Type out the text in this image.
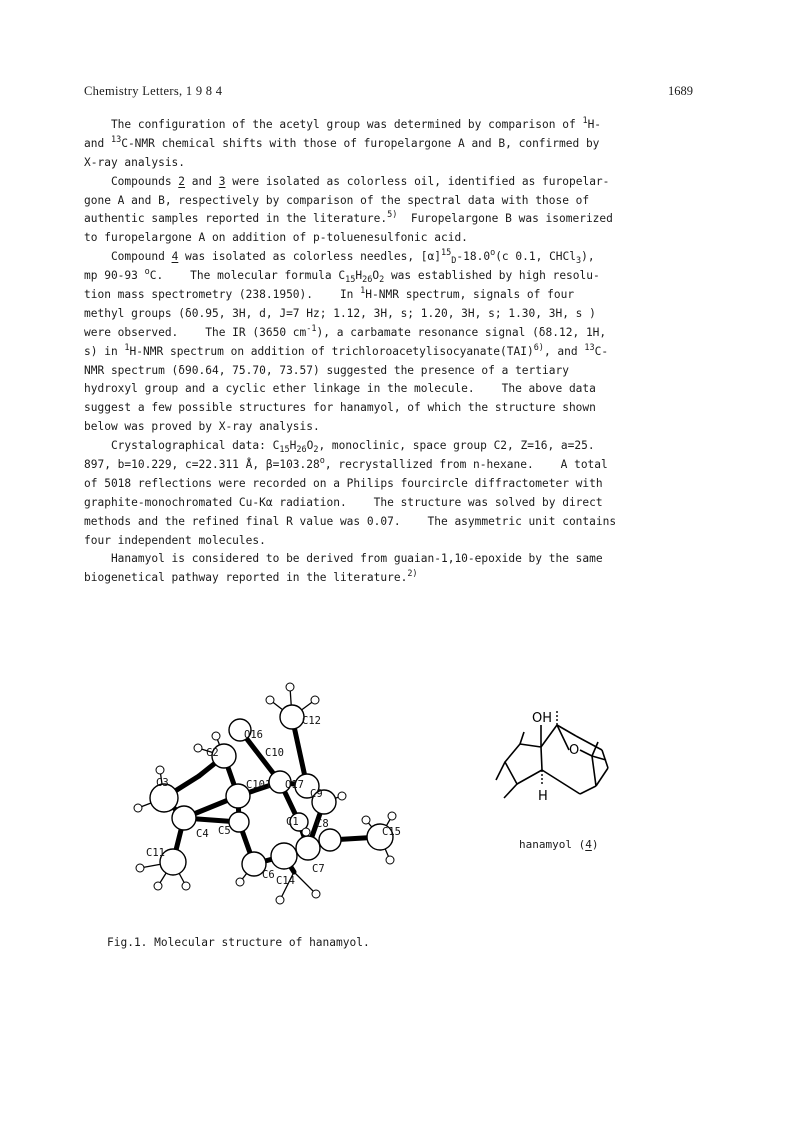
Chemistry Letters, 1 9 8 4	1689
The configuration of the acetyl group was determined by comparison of $^1$H-
and $^{13}$C-NMR chemical shifts with those of furopelargone A and B, confirmed by
X-ray analysis.
Compounds 2 and 3 were isolated as colorless oil, identified as furopelar-
gone A and B, respectively by comparison of the spectral data with those of
authentic samples reported in the literature.$^{5)}$  Furopelargone B was isomerized
to furopelargone A on addition of p-toluenesulfonic acid.
Compound 4 was isolated as colorless needles, $[\alpha]^{15}_D-18.0^o(c$ 0.1, CHCl$_3$),
mp 90-93 $^o$C.    The molecular formula $C_{15}H_{26}O_2$ was established by high resolu-
tion mass spectrometry (238.1950).    In $^1$H-NMR spectrum, signals of four
methyl groups (δ0.95, 3H, d, J=7 Hz; 1.12, 3H, s; 1.20, 3H, s; 1.30, 3H, s )
were observed.    The IR (3650 $cm^{-1}$), a carbamate resonance signal (δ8.12, 1H,
s) in $^1$H-NMR spectrum on addition of trichloroacetylisocyanate(TAI)$^{6)}$, and $^{13}$C-
NMR spectrum (δ90.64, 75.70, 73.57) suggested the presence of a tertiary
hydroxyl group and a cyclic ether linkage in the molecule.    The above data
suggest a few possible structures for hanamyol, of which the structure shown
below was proved by X-ray analysis.
Crystalographical data: $C_{15}H_{26}O_2$, monoclinic, space group C2, Z=16, a=25.
897, b=10.229, c=22.311 Å, $\beta=103.28^o$, recrystallized from n-hexane.    A total
of 5018 reflections were recorded on a Philips fourcircle diffractometer with
graphite-monochromated Cu-Kα radiation.    The structure was solved by direct
methods and the refined final R value was 0.07.    The asymmetric unit contains
four independent molecules.
Hanamyol is considered to be derived from guaian-1,10-epoxide by the same
biogenetical pathway reported in the literature.$^{2)}$
C12
O16
C10
C2
C101 O17
C9
C3
C4 C5
C1 C8
C15
C11
C6 C14
C7
O
OH
H
hanamyol (4)
Fig.1. Molecular structure of hanamyol.
